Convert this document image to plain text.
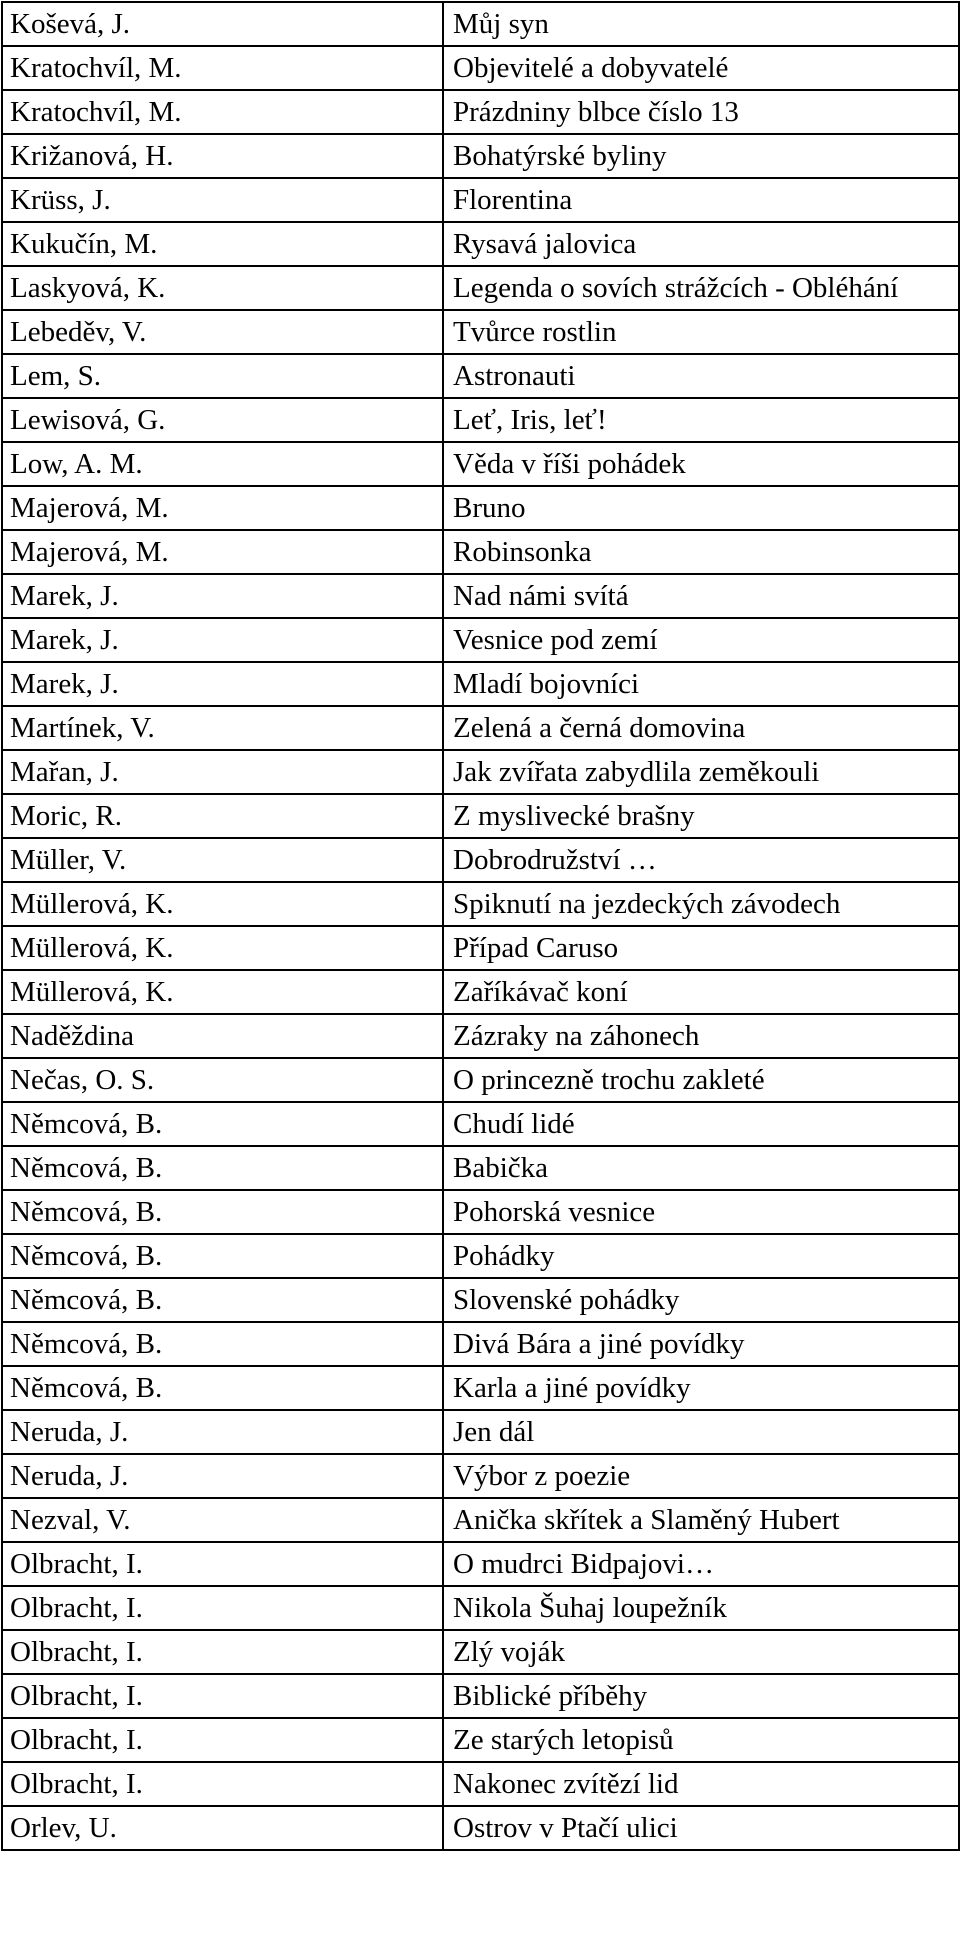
Koševá, J.	Můj syn
Kratochvíl, M.	Objevitelé a dobyvatelé
Kratochvíl, M.	Prázdniny blbce číslo 13
Križanová, H.	Bohatýrské byliny
Krüss, J.	Florentina
Kukučín, M.	Rysavá jalovica
Laskyová, K.	Legenda o sovích strážcích - Obléhání
Lebeděv, V.	Tvůrce rostlin
Lem, S.	Astronauti
Lewisová, G.	Leť, Iris, leť!
Low, A. M.	Věda v říši pohádek
Majerová, M.	Bruno
Majerová, M.	Robinsonka
Marek, J.	Nad námi svítá
Marek, J.	Vesnice pod zemí
Marek, J.	Mladí bojovníci
Martínek, V.	Zelená a černá domovina
Mařan, J.	Jak zvířata zabydlila zeměkouli
Moric, R.	Z myslivecké brašny
Müller, V.	Dobrodružství …
Müllerová, K.	Spiknutí na jezdeckých závodech
Müllerová, K.	Případ Caruso
Müllerová, K.	Zaříkávač koní
Naděždina	Zázraky na záhonech
Nečas, O. S.	O princezně trochu zakleté
Němcová, B.	Chudí lidé
Němcová, B.	Babička
Němcová, B.	Pohorská vesnice
Němcová, B.	Pohádky
Němcová, B.	Slovenské pohádky
Němcová, B.	Divá Bára a jiné povídky
Němcová, B.	Karla a jiné povídky
Neruda, J.	Jen dál
Neruda, J.	Výbor z poezie
Nezval, V.	Anička skřítek a Slaměný Hubert
Olbracht, I.	O mudrci Bidpajovi…
Olbracht, I.	Nikola Šuhaj loupežník
Olbracht, I.	Zlý voják
Olbracht, I.	Biblické příběhy
Olbracht, I.	Ze starých letopisů
Olbracht, I.	Nakonec zvítězí lid
Orlev, U.	Ostrov v Ptačí ulici
